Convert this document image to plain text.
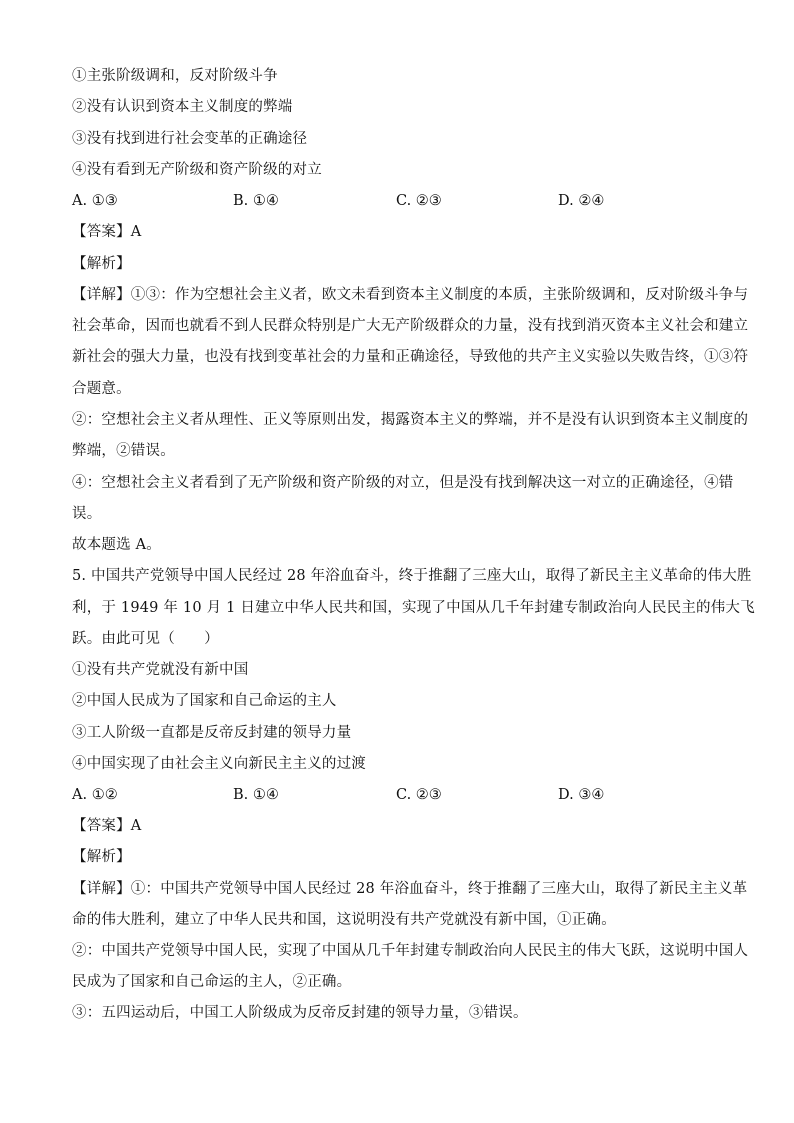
①主张阶级调和，反对阶级斗争
②没有认识到资本主义制度的弊端
③没有找到进行社会变革的正确途径
④没有看到无产阶级和资产阶级的对立
A. ①③	B. ①④	C. ②③	D. ②④
【答案】A
【解析】
【详解】①③：作为空想社会主义者，欧文未看到资本主义制度的本质，主张阶级调和，反对阶级斗争与
社会革命，因而也就看不到人民群众特别是广大无产阶级群众的力量，没有找到消灭资本主义社会和建立
新社会的强大力量，也没有找到变革社会的力量和正确途径，导致他的共产主义实验以失败告终，①③符
合题意。
②：空想社会主义者从理性、正义等原则出发，揭露资本主义的弊端，并不是没有认识到资本主义制度的
弊端，②错误。
④：空想社会主义者看到了无产阶级和资产阶级的对立，但是没有找到解决这一对立的正确途径，④错
误。
故本题选 A。
5. 中国共产党领导中国人民经过 28 年浴血奋斗，终于推翻了三座大山，取得了新民主主义革命的伟大胜
利，于 1949 年 10 月 1 日建立中华人民共和国，实现了中国从几千年封建专制政治向人民民主的伟大飞
跃。由此可见（　　）
①没有共产党就没有新中国
②中国人民成为了国家和自己命运的主人
③工人阶级一直都是反帝反封建的领导力量
④中国实现了由社会主义向新民主主义的过渡
A. ①②	B. ①④	C. ②③	D. ③④
【答案】A
【解析】
【详解】①：中国共产党领导中国人民经过 28 年浴血奋斗，终于推翻了三座大山，取得了新民主主义革
命的伟大胜利，建立了中华人民共和国，这说明没有共产党就没有新中国，①正确。
②：中国共产党领导中国人民，实现了中国从几千年封建专制政治向人民民主的伟大飞跃，这说明中国人
民成为了国家和自己命运的主人，②正确。
③：五四运动后，中国工人阶级成为反帝反封建的领导力量，③错误。
